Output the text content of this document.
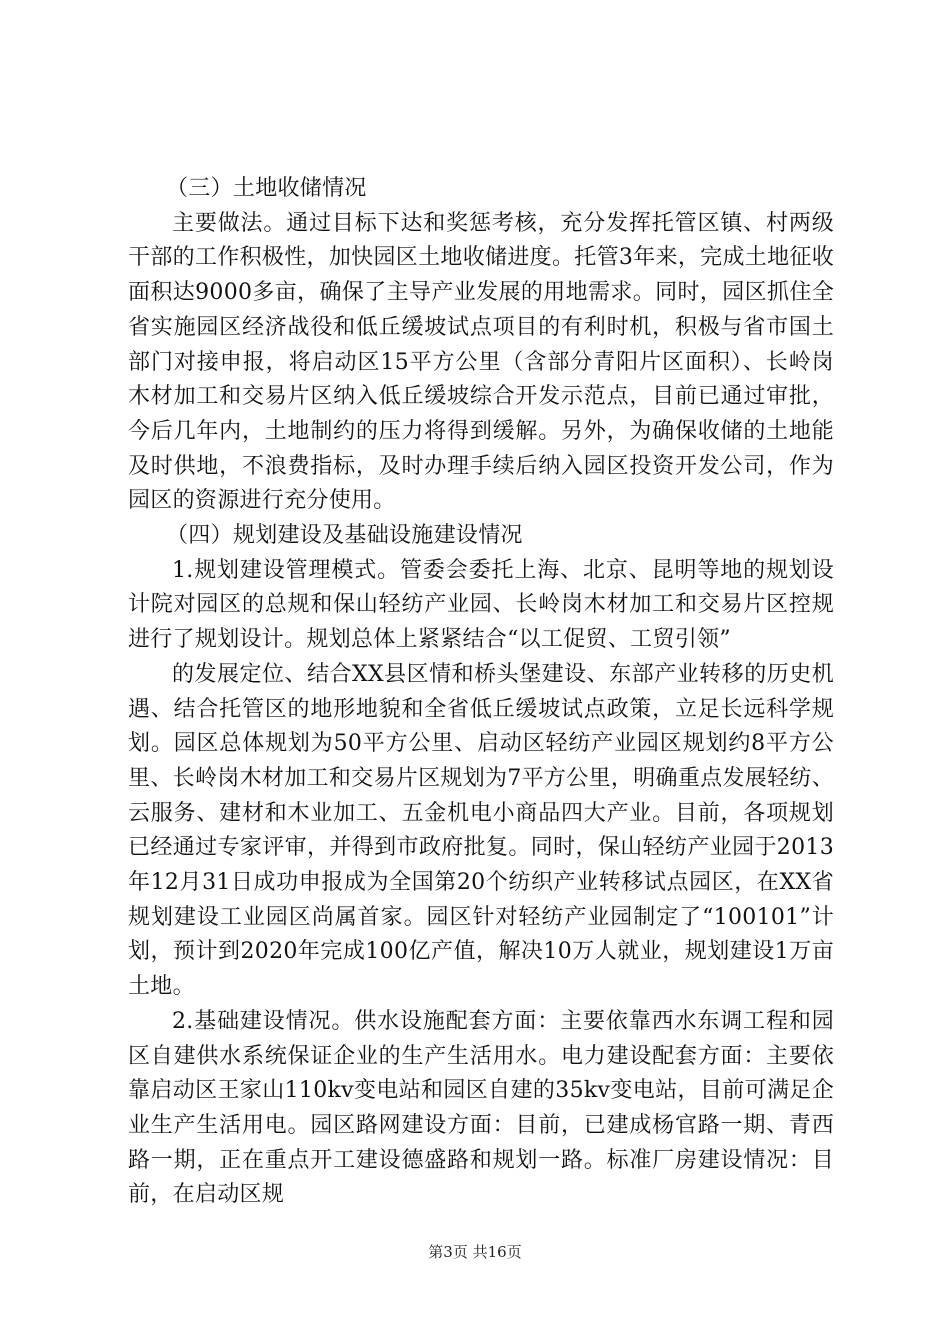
（三）土地收储情况

主要做法。通过目标下达和奖惩考核，充分发挥托管区镇、村两级干部的工作积极性，加快园区土地收储进度。托管3年来，完成土地征收面积达9000多亩，确保了主导产业发展的用地需求。同时，园区抓住全省实施园区经济战役和低丘缓坡试点项目的有利时机，积极与省市国土部门对接申报，将启动区15平方公里（含部分青阳片区面积）、长岭岗木材加工和交易片区纳入低丘缓坡综合开发示范点，目前已通过审批，今后几年内，土地制约的压力将得到缓解。另外，为确保收储的土地能及时供地，不浪费指标，及时办理手续后纳入园区投资开发公司，作为园区的资源进行充分使用。

（四）规划建设及基础设施建设情况

1.规划建设管理模式。管委会委托上海、北京、昆明等地的规划设计院对园区的总规和保山轻纺产业园、长岭岗木材加工和交易片区控规进行了规划设计。规划总体上紧紧结合“以工促贸、工贸引领”

的发展定位、结合XX县区情和桥头堡建设、东部产业转移的历史机遇、结合托管区的地形地貌和全省低丘缓坡试点政策，立足长远科学规划。园区总体规划为50平方公里、启动区轻纺产业园区规划约8平方公里、长岭岗木材加工和交易片区规划为7平方公里，明确重点发展轻纺、云服务、建材和木业加工、五金机电小商品四大产业。目前，各项规划已经通过专家评审，并得到市政府批复。同时，保山轻纺产业园于2013年12月31日成功申报成为全国第20个纺织产业转移试点园区，在XX省规划建设工业园区尚属首家。园区针对轻纺产业园制定了“100101”计划，预计到2020年完成100亿产值，解决10万人就业，规划建设1万亩土地。

2.基础建设情况。供水设施配套方面：主要依靠西水东调工程和园区自建供水系统保证企业的生产生活用水。电力建设配套方面：主要依靠启动区王家山110kv变电站和园区自建的35kv变电站，目前可满足企业生产生活用电。园区路网建设方面：目前，已建成杨官路一期、青西路一期，正在重点开工建设德盛路和规划一路。标准厂房建设情况：目前，在启动区规

第3页 共16页
